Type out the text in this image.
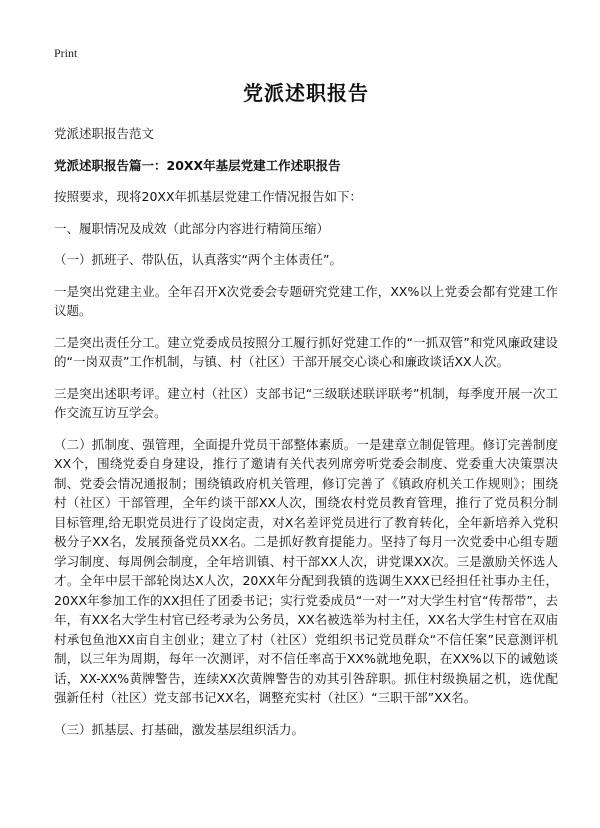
Print
党派述职报告

党派述职报告范文

党派述职报告篇一：20XX年基层党建工作述职报告

按照要求，现将20XX年抓基层党建工作情况报告如下：

一、履职情况及成效（此部分内容进行精简压缩）

（一）抓班子、带队伍，认真落实“两个主体责任”。

一是突出党建主业。全年召开X次党委会专题研究党建工作，XX%以上党委会都有党建工作议题。

二是突出责任分工。建立党委成员按照分工履行抓好党建工作的“一抓双管”和党风廉政建设的“一岗双责”工作机制，与镇、村（社区）干部开展交心谈心和廉政谈话XX人次。

三是突出述职考评。建立村（社区）支部书记“三级联述联评联考”机制，每季度开展一次工作交流互访互学会。

（二）抓制度、强管理，全面提升党员干部整体素质。一是建章立制促管理。修订完善制度XX个，围绕党委自身建设，推行了邀请有关代表列席旁听党委会制度、党委重大决策票决制、党委会情况通报制；围绕镇政府机关管理，修订完善了《镇政府机关工作规则》；围绕村（社区）干部管理，全年约谈干部XX人次，围绕农村党员教育管理，推行了党员积分制目标管理,给无职党员进行了设岗定责，对X名差评党员进行了教育转化，全年新培养入党积极分子XX名，发展预备党员XX名。二是抓好教育提能力。坚持了每月一次党委中心组专题学习制度、每周例会制度，全年培训镇、村干部XX人次，讲党课XX次。三是激励关怀选人才。全年中层干部轮岗达X人次，20XX年分配到我镇的选调生XXX已经担任社事办主任，20XX年参加工作的XX担任了团委书记；实行党委成员“一对一”对大学生村官“传帮带”，去年，有XX名大学生村官已经考录为公务员，XX名被选举为村主任，XX名大学生村官在双庙村承包鱼池XX亩自主创业；建立了村（社区）党组织书记党员群众“不信任案”民意测评机制，以三年为周期，每年一次测评，对不信任率高于XX%就地免职，在XX%以下的诫勉谈话，XX-XX%黄牌警告，连续XX次黄牌警告的劝其引咎辞职。抓住村级换届之机，选优配强新任村（社区）党支部书记XX名，调整充实村（社区）“三职干部”XX名。

（三）抓基层、打基础，激发基层组织活力。
